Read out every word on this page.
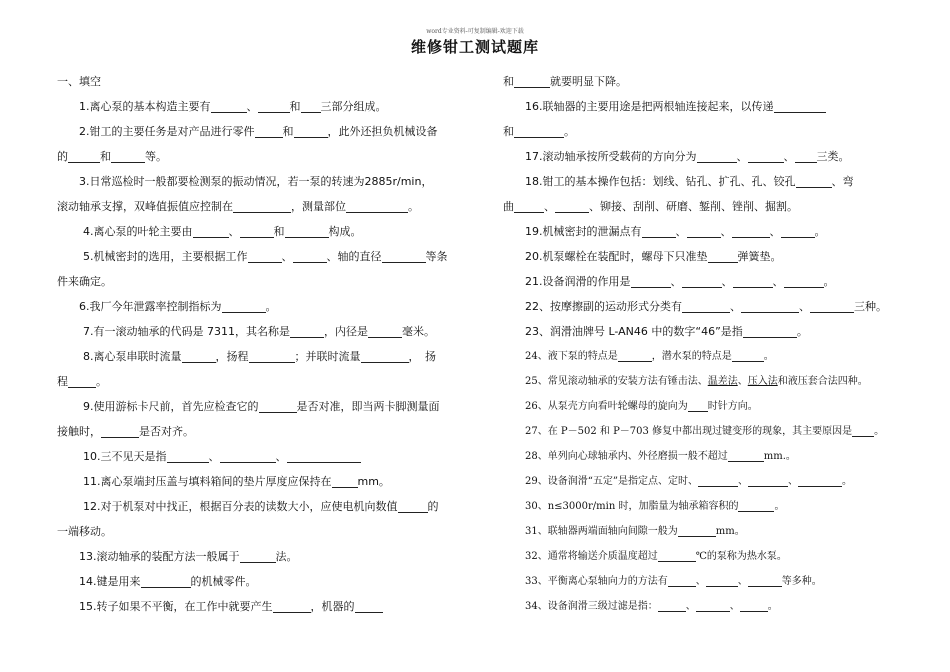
word专业资料-可复制编辑-欢迎下载
维修钳工测试题库
一、填空
1.离心泵的基本构造主要有	、	和 三部分组成。
2.钳工的主要任务是对产品进行零件	和	，此外还担负机械设备
的	和	等。
3.日常巡检时一般都要检测泵的振动情况，若一泵的转速为2885r/min，
滚动轴承支撑，双峰值振值应控制在	，测量部位	。
4.离心泵的叶轮主要由	、	和	构成。
5.机械密封的选用，主要根据工作	、	、轴的直径	等条
件来确定。
6.我厂今年泄露率控制指标为	。
7.有一滚动轴承的代码是 7311，其名称是	，内径是	毫米。
8.离心泵串联时流量	，扬程	；并联时流量	，　扬
程	。
9.使用游标卡尺前，首先应检查它的	是否对准，即当两卡脚测量面
接触时，	是否对齐。
10.三不见天是指	、	、
11.离心泵端封压盖与填料箱间的垫片厚度应保持在 mm。
12.对于机泵对中找正，根据百分表的读数大小，应使电机向数值	的
一端移动。
13.滚动轴承的装配方法一般属于	法。
14.键是用来	的机械零件。
15.转子如果不平衡，在工作中就要产生	，机器的
和	就要明显下降。
16.联轴器的主要用途是把两根轴连接起来，以传递
和	。
17.滚动轴承按所受载荷的方向分为	、	、 三类。
18.钳工的基本操作包括：划线、钻孔、扩孔、孔、铰孔	、弯
曲	、	、铆接、刮削、研磨、錾削、锉削、掘割。
19.机械密封的泄漏点有	、	、	、	。
20.机泵螺栓在装配时，螺母下只准垫	弹簧垫。
21.设备润滑的作用是	、	、	、	。
22、按摩擦副的运动形式分类有	、	、	三种。
23、润滑油牌号 L-AN46 中的数字“46”是指	。
24、液下泵的特点是	，潜水泵的特点是	。
25、常见滚动轴承的安装方法有锤击法、温差法、压入法和液压套合法四种。
26、从泵壳方向看叶轮螺母的旋向为 时针方向。
27、在 P－502 和 P－703 修复中都出现过键变形的现象，其主要原因是 。
28、单列向心球轴承内、外径磨损一般不超过	mm.。
29、设备润滑“五定”是指定点、定时、	、	、	。
30、n≤3000r/min 时，加脂量为轴承箱容积的	。
31、联轴器两端面轴向间隙一般为	mm。
32、通常将输送介质温度超过	℃的泵称为热水泵。
33、平衡离心泵轴向力的方法有	、	、	等多种。
34、设备润滑三级过滤是指：	、	、	。
